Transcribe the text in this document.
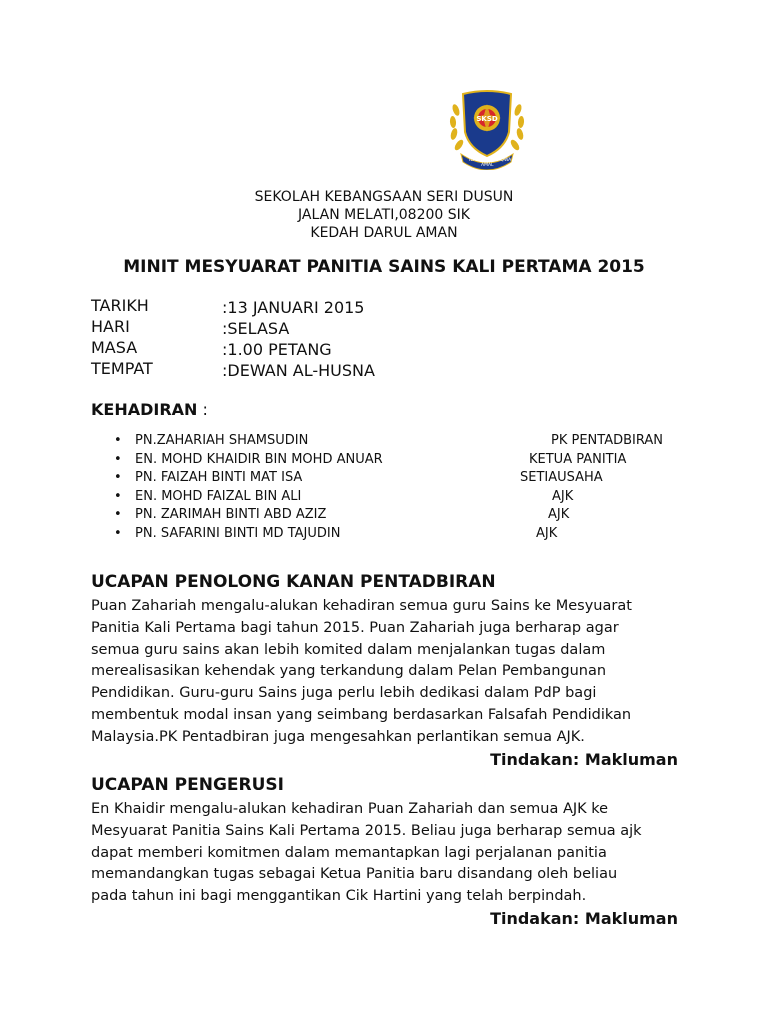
SKSD
ILMU
AMAL
TAQWA
SEKOLAH KEBANGSAAN SERI DUSUN
JALAN MELATI,08200 SIK
KEDAH DARUL AMAN
MINIT MESYUARAT PANITIA SAINS KALI PERTAMA 2015
TARIKH	:13 JANUARI 2015
HARI	:SELASA
MASA	:1.00 PETANG
TEMPAT	:DEWAN AL-HUSNA
KEHADIRAN :
• PN.ZAHARIAH SHAMSUDIN	PK PENTADBIRAN
• EN. MOHD KHAIDIR BIN MOHD ANUAR	KETUA PANITIA
• PN. FAIZAH BINTI MAT ISA	SETIAUSAHA
• EN. MOHD FAIZAL BIN ALI	AJK
• PN. ZARIMAH BINTI ABD AZIZ	AJK
• PN. SAFARINI BINTI MD TAJUDIN	AJK
UCAPAN PENOLONG KANAN PENTADBIRAN
Puan Zahariah mengalu-alukan kehadiran semua guru Sains ke Mesyuarat
Panitia Kali Pertama bagi tahun 2015. Puan Zahariah juga berharap agar
semua guru sains akan lebih komited dalam menjalankan tugas dalam
merealisasikan kehendak yang terkandung dalam Pelan Pembangunan
Pendidikan. Guru-guru Sains juga perlu lebih dedikasi dalam PdP bagi
membentuk modal insan yang seimbang berdasarkan Falsafah Pendidikan
Malaysia.PK Pentadbiran juga mengesahkan perlantikan semua AJK.
Tindakan: Makluman
UCAPAN PENGERUSI
En Khaidir mengalu-alukan kehadiran Puan Zahariah dan semua AJK ke
Mesyuarat Panitia Sains Kali Pertama 2015. Beliau juga berharap semua ajk
dapat memberi komitmen dalam memantapkan lagi perjalanan panitia
memandangkan tugas sebagai Ketua Panitia baru disandang oleh beliau
pada tahun ini bagi menggantikan Cik Hartini yang telah berpindah.
Tindakan: Makluman
